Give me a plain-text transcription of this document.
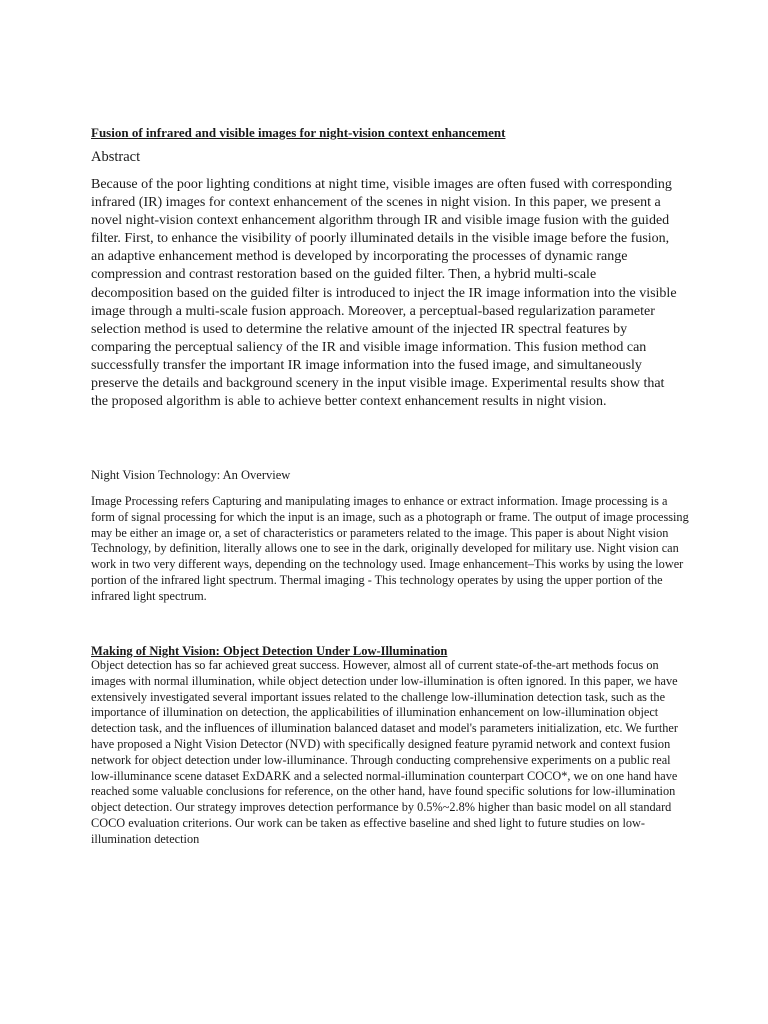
Fusion of infrared and visible images for night-vision context enhancement
Abstract

Because of the poor lighting conditions at night time, visible images are often fused with corresponding infrared (IR) images for context enhancement of the scenes in night vision. In this paper, we present a novel night-vision context enhancement algorithm through IR and visible image fusion with the guided filter. First, to enhance the visibility of poorly illuminated details in the visible image before the fusion, an adaptive enhancement method is developed by incorporating the processes of dynamic range compression and contrast restoration based on the guided filter. Then, a hybrid multi-scale decomposition based on the guided filter is introduced to inject the IR image information into the visible image through a multi-scale fusion approach. Moreover, a perceptual-based regularization parameter selection method is used to determine the relative amount of the injected IR spectral features by comparing the perceptual saliency of the IR and visible image information. This fusion method can successfully transfer the important IR image information into the fused image, and simultaneously preserve the details and background scenery in the input visible image. Experimental results show that the proposed algorithm is able to achieve better context enhancement results in night vision.

Night Vision Technology: An Overview

Image Processing refers Capturing and manipulating images to enhance or extract information. Image processing is a form of signal processing for which the input is an image, such as a photograph or frame. The output of image processing may be either an image or, a set of characteristics or parameters related to the image. This paper is about Night vision Technology, by definition, literally allows one to see in the dark, originally developed for military use. Night vision can work in two very different ways, depending on the technology used. Image enhancement–This works by using the lower portion of the infrared light spectrum. Thermal imaging - This technology operates by using the upper portion of the infrared light spectrum.

Making of Night Vision: Object Detection Under Low-Illumination

Object detection has so far achieved great success. However, almost all of current state-of-the-art methods focus on images with normal illumination, while object detection under low-illumination is often ignored. In this paper, we have extensively investigated several important issues related to the challenge low-illumination detection task, such as the importance of illumination on detection, the applicabilities of illumination enhancement on low-illumination object detection task, and the influences of illumination balanced dataset and model's parameters initialization, etc. We further have proposed a Night Vision Detector (NVD) with specifically designed feature pyramid network and context fusion network for object detection under low-illuminance. Through conducting comprehensive experiments on a public real low-illuminance scene dataset ExDARK and a selected normal-illumination counterpart COCO*, we on one hand have reached some valuable conclusions for reference, on the other hand, have found specific solutions for low-illumination object detection. Our strategy improves detection performance by 0.5%~2.8% higher than basic model on all standard COCO evaluation criterions. Our work can be taken as effective baseline and shed light to future studies on low-illumination detection
